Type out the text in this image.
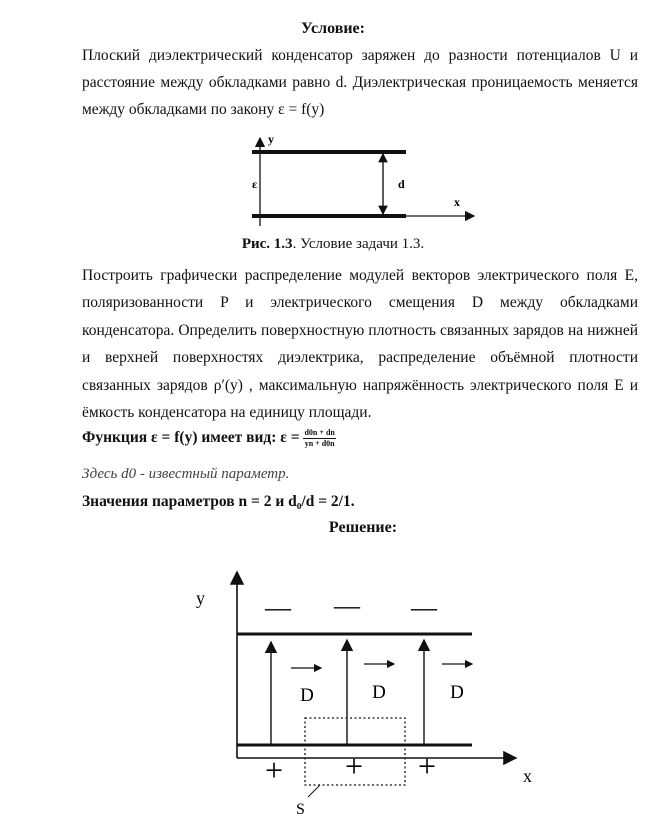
Условие:
Плоский диэлектрический конденсатор заряжен до разности потенциалов U и
расстояние между обкладками равно d. Диэлектрическая проницаемость меняется
между обкладками по закону ε = f(y)
y
x
ε	d
Рис. 1.3. Условие задачи 1.3.
Построить графически распределение модулей векторов электрического поля E,
поляризованности P и электрического смещения D между обкладками
конденсатора. Определить поверхностную плотность связанных зарядов на нижней
и верхней поверхностях диэлектрика, распределение объёмной плотности
связанных зарядов ρ′(y) , максимальную напряжённость электрического поля E и
ёмкость конденсатора на единицу площади.
Функция ε = f(y) имеет вид: $\varepsilon = \frac{d0n + dn}{yn + d0n}$
Здесь d0 - известный параметр.
Значения параметров n = 2 и d₀/d = 2/1.
Решение:
y
x
— — —
+ + +
D	D	D
S
